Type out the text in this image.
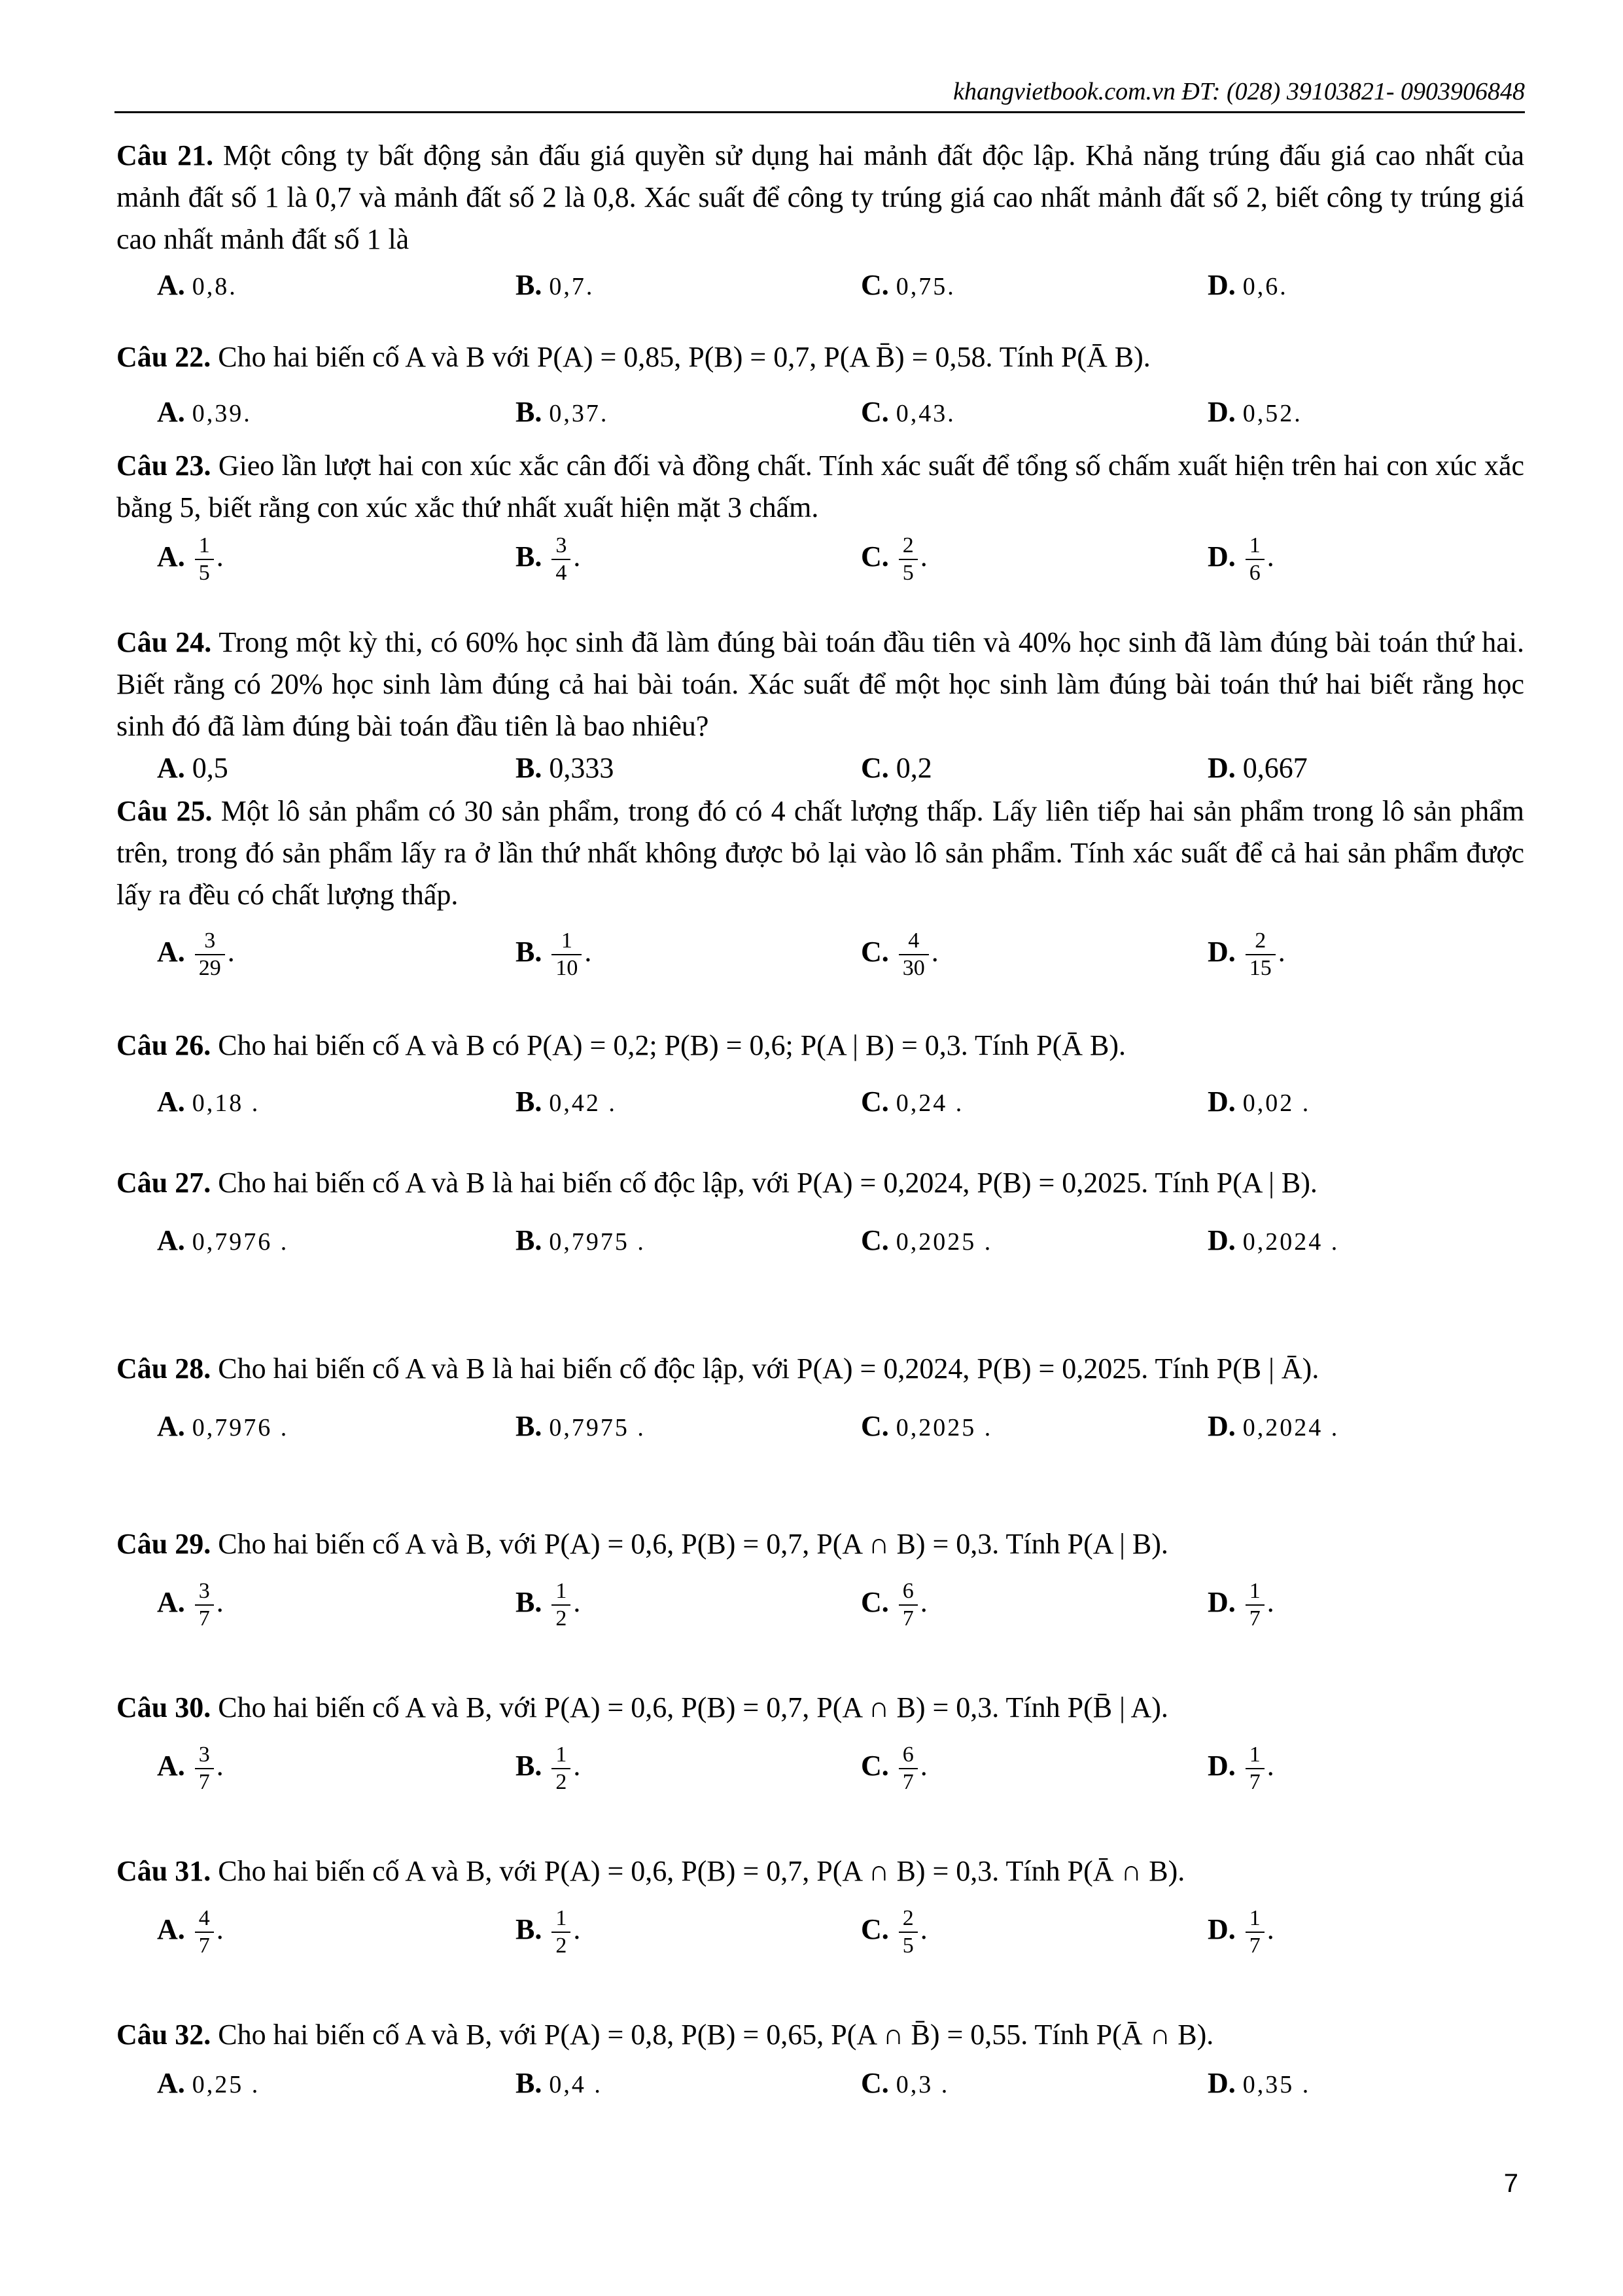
khangvietbook.com.vn ĐT: (028) 39103821- 0903906848
Câu 21. Một công ty bất động sản đấu giá quyền sử dụng hai mảnh đất độc lập. Khả năng trúng đấu giá cao nhất của mảnh đất số 1 là 0,7 và mảnh đất số 2 là 0,8. Xác suất để công ty trúng giá cao nhất mảnh đất số 2, biết công ty trúng giá cao nhất mảnh đất số 1 là
A. 0,8.	B. 0,7.	C. 0,75.	D. 0,6.
Câu 22. Cho hai biến cố A và B với P(A) = 0,85, P(B) = 0,7, P(A B̄) = 0,58. Tính P(Ā B).
A. 0,39.	B. 0,37.	C. 0,43.	D. 0,52.
Câu 23. Gieo lần lượt hai con xúc xắc cân đối và đồng chất. Tính xác suất để tổng số chấm xuất hiện trên hai con xúc xắc bằng 5, biết rằng con xúc xắc thứ nhất xuất hiện mặt 3 chấm.
A. $\frac{1}{5}$ .	B. $\frac{3}{4}$ .	C. $\frac{2}{5}$ .	D. $\frac{1}{6}$ .
Câu 24. Trong một kỳ thi, có 60% học sinh đã làm đúng bài toán đầu tiên và 40% học sinh đã làm đúng bài toán thứ hai. Biết rằng có 20% học sinh làm đúng cả hai bài toán. Xác suất để một học sinh làm đúng bài toán thứ hai biết rằng học sinh đó đã làm đúng bài toán đầu tiên là bao nhiêu?
A. 0,5	B. 0,333	C. 0,2	D. 0,667
Câu 25. Một lô sản phẩm có 30 sản phẩm, trong đó có 4 chất lượng thấp. Lấy liên tiếp hai sản phẩm trong lô sản phẩm trên, trong đó sản phẩm lấy ra ở lần thứ nhất không được bỏ lại vào lô sản phẩm. Tính xác suất để cả hai sản phẩm được lấy ra đều có chất lượng thấp.
A. $\frac{3}{29}$ .	B. $\frac{1}{10}$ .	C. $\frac{4}{30}$ .	D. $\frac{2}{15}$ .
Câu 26. Cho hai biến cố A và B có P(A) = 0,2; P(B) = 0,6; P(A | B) = 0,3. Tính P(Ā B).
A. 0,18 .	B. 0,42 .	C. 0,24 .	D. 0,02 .
Câu 27. Cho hai biến cố A và B là hai biến cố độc lập, với P(A) = 0,2024, P(B) = 0,2025. Tính P(A | B).
A. 0,7976 .	B. 0,7975 .	C. 0,2025 .	D. 0,2024 .
Câu 28. Cho hai biến cố A và B là hai biến cố độc lập, với P(A) = 0,2024, P(B) = 0,2025. Tính P(B | Ā).
A. 0,7976 .	B. 0,7975 .	C. 0,2025 .	D. 0,2024 .
Câu 29. Cho hai biến cố A và B, với P(A) = 0,6, P(B) = 0,7, P(A ∩ B) = 0,3. Tính P(A | B).
A. $\frac{3}{7}$ .	B. $\frac{1}{2}$ .	C. $\frac{6}{7}$ .	D. $\frac{1}{7}$ .
Câu 30. Cho hai biến cố A và B, với P(A) = 0,6, P(B) = 0,7, P(A ∩ B) = 0,3. Tính P(B̄ | A).
A. $\frac{3}{7}$ .	B. $\frac{1}{2}$ .	C. $\frac{6}{7}$ .	D. $\frac{1}{7}$ .
Câu 31. Cho hai biến cố A và B, với P(A) = 0,6, P(B) = 0,7, P(A ∩ B) = 0,3. Tính P(Ā ∩ B).
A. $\frac{4}{7}$ .	B. $\frac{1}{2}$ .	C. $\frac{2}{5}$ .	D. $\frac{1}{7}$ .
Câu 32. Cho hai biến cố A và B, với P(A) = 0,8, P(B) = 0,65, P(A ∩ B̄) = 0,55. Tính P(Ā ∩ B).
A. 0,25 .	B. 0,4 .	C. 0,3 .	D. 0,35 .
7
